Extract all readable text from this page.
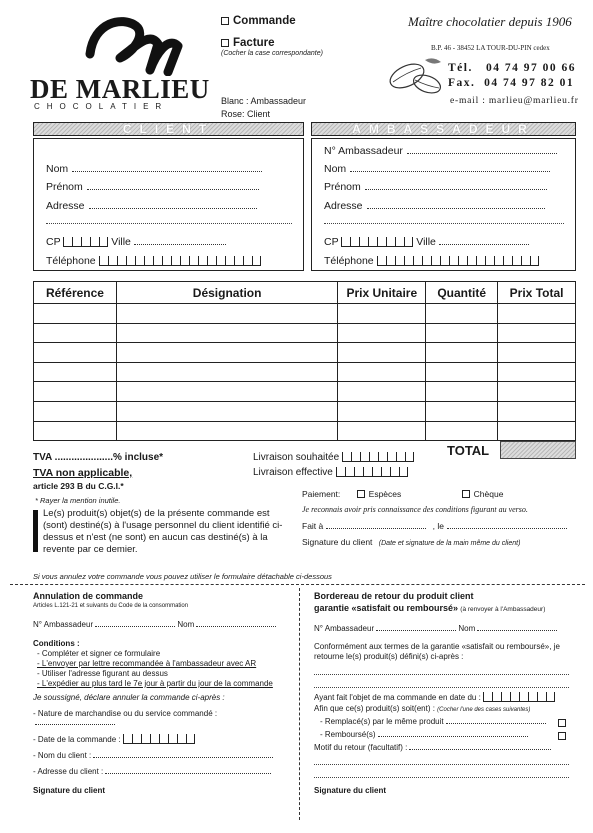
DE MARLIEU
CHOCOLATIER
Commande
Facture
(Cocher la case correspondante)
Blanc : Ambassadeur
Rose: Client
Maître chocolatier depuis 1906
B.P. 46 - 38452 LA TOUR-DU-PIN cedex
Tél. 04 74 97 00 66
Fax. 04 74 97 82 01
e-mail : marlieu@marlieu.fr
CLIENT
Nom
Prénom
Adresse
CP	Ville
Téléphone
AMBASSADEUR
N° Ambassadeur
Nom
Prénom
Adresse
CP	Ville
Téléphone
Référence	Désignation	Prix Unitaire	Quantité	Prix Total

TVA .....................% incluse*
TVA non applicable,
article 293 B du C.G.I.*
* Rayer la mention inutile.
Livraison souhaitée
Livraison effective
TOTAL
Le(s) produit(s) objet(s) de la présente commande est (sont) destiné(s) à l'usage personnel du client identifié ci-dessus et n'est (ne sont) en aucun cas destiné(s) à la revente par ce demier.
Paiement:	Espèces	Chèque
Je reconnais avoir pris connaissance des conditions figurant au verso.
Fait à	, le
Signature du client (Date et signature de la main même du client)
Si vous annulez votre commande vous pouvez utiliser le formulaire détachable ci-dessous
Annulation de commande
Articles L.121-21 et suivants du Code de la consommation
N° Ambassadeur	Nom
Conditions :
- Compléter et signer ce formulaire
- L'envoyer par lettre recommandée à l'ambassadeur avec AR
- Utiliser l'adresse figurant au dessus
- L'expédier au plus tard le 7e jour à partir du jour de la commande
Je soussigné, déclare annuler la commande ci-après :
- Nature de marchandise ou du service commandé :
- Date de la commande :
- Nom du client :
- Adresse du client :
Signature du client
Bordereau de retour du produit client
garantie «satisfait ou remboursé» (à renvoyer à l'Ambassadeur)
N° Ambassadeur	Nom
Conformément aux termes de la garantie «satisfait ou remboursé», je retourne le(s) produit(s) défini(s) ci-après :
Ayant fait l'objet de ma commande en date du :
Afin que ce(s) produit(s) soit(ent) : (Cocher l'une des cases suivantes)
- Remplacé(s) par le même produit
- Remboursé(s)
Motif du retour (facultatif) :
Signature du client
